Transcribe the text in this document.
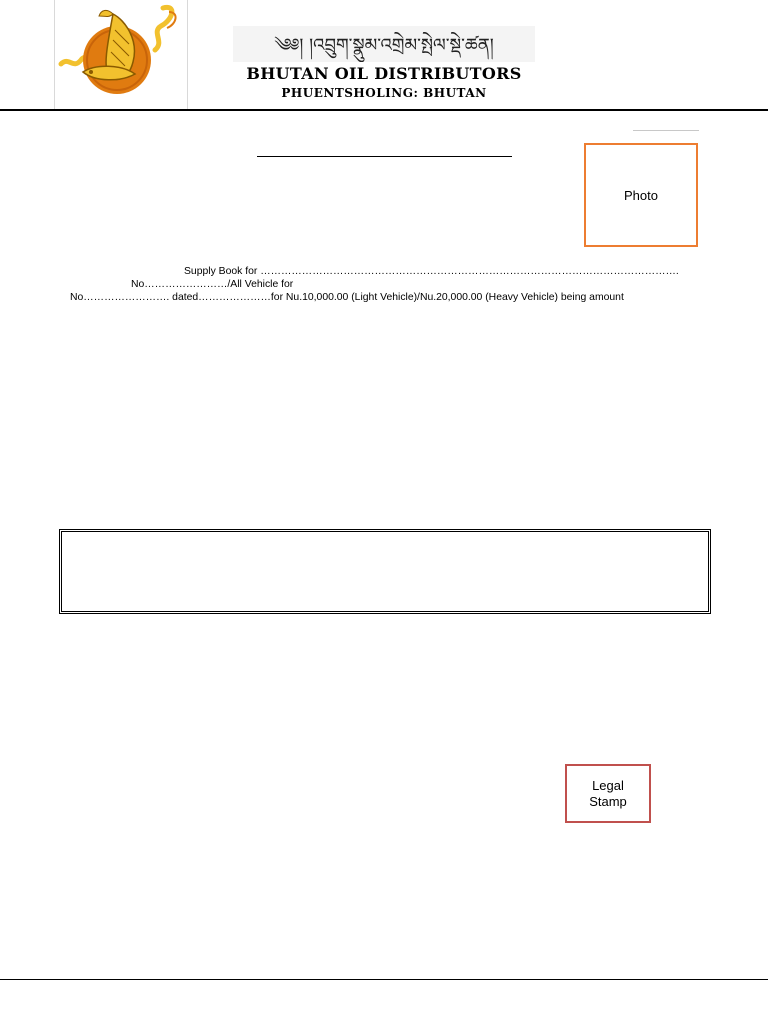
༄༅། །འབྲུག་སྣུམ་འགྲེམ་སྤེལ་སྡེ་ཚན།
BHUTAN OIL DISTRIBUTORS
PHUENTSHOLING: BHUTAN
Photo
Supply Book for ………………………………………………………………………………………………………….
No……………………/All Vehicle for
No……………………. dated…………………for Nu.10,000.00 (Light Vehicle)/Nu.20,000.00 (Heavy Vehicle) being amount
Legal
Stamp
